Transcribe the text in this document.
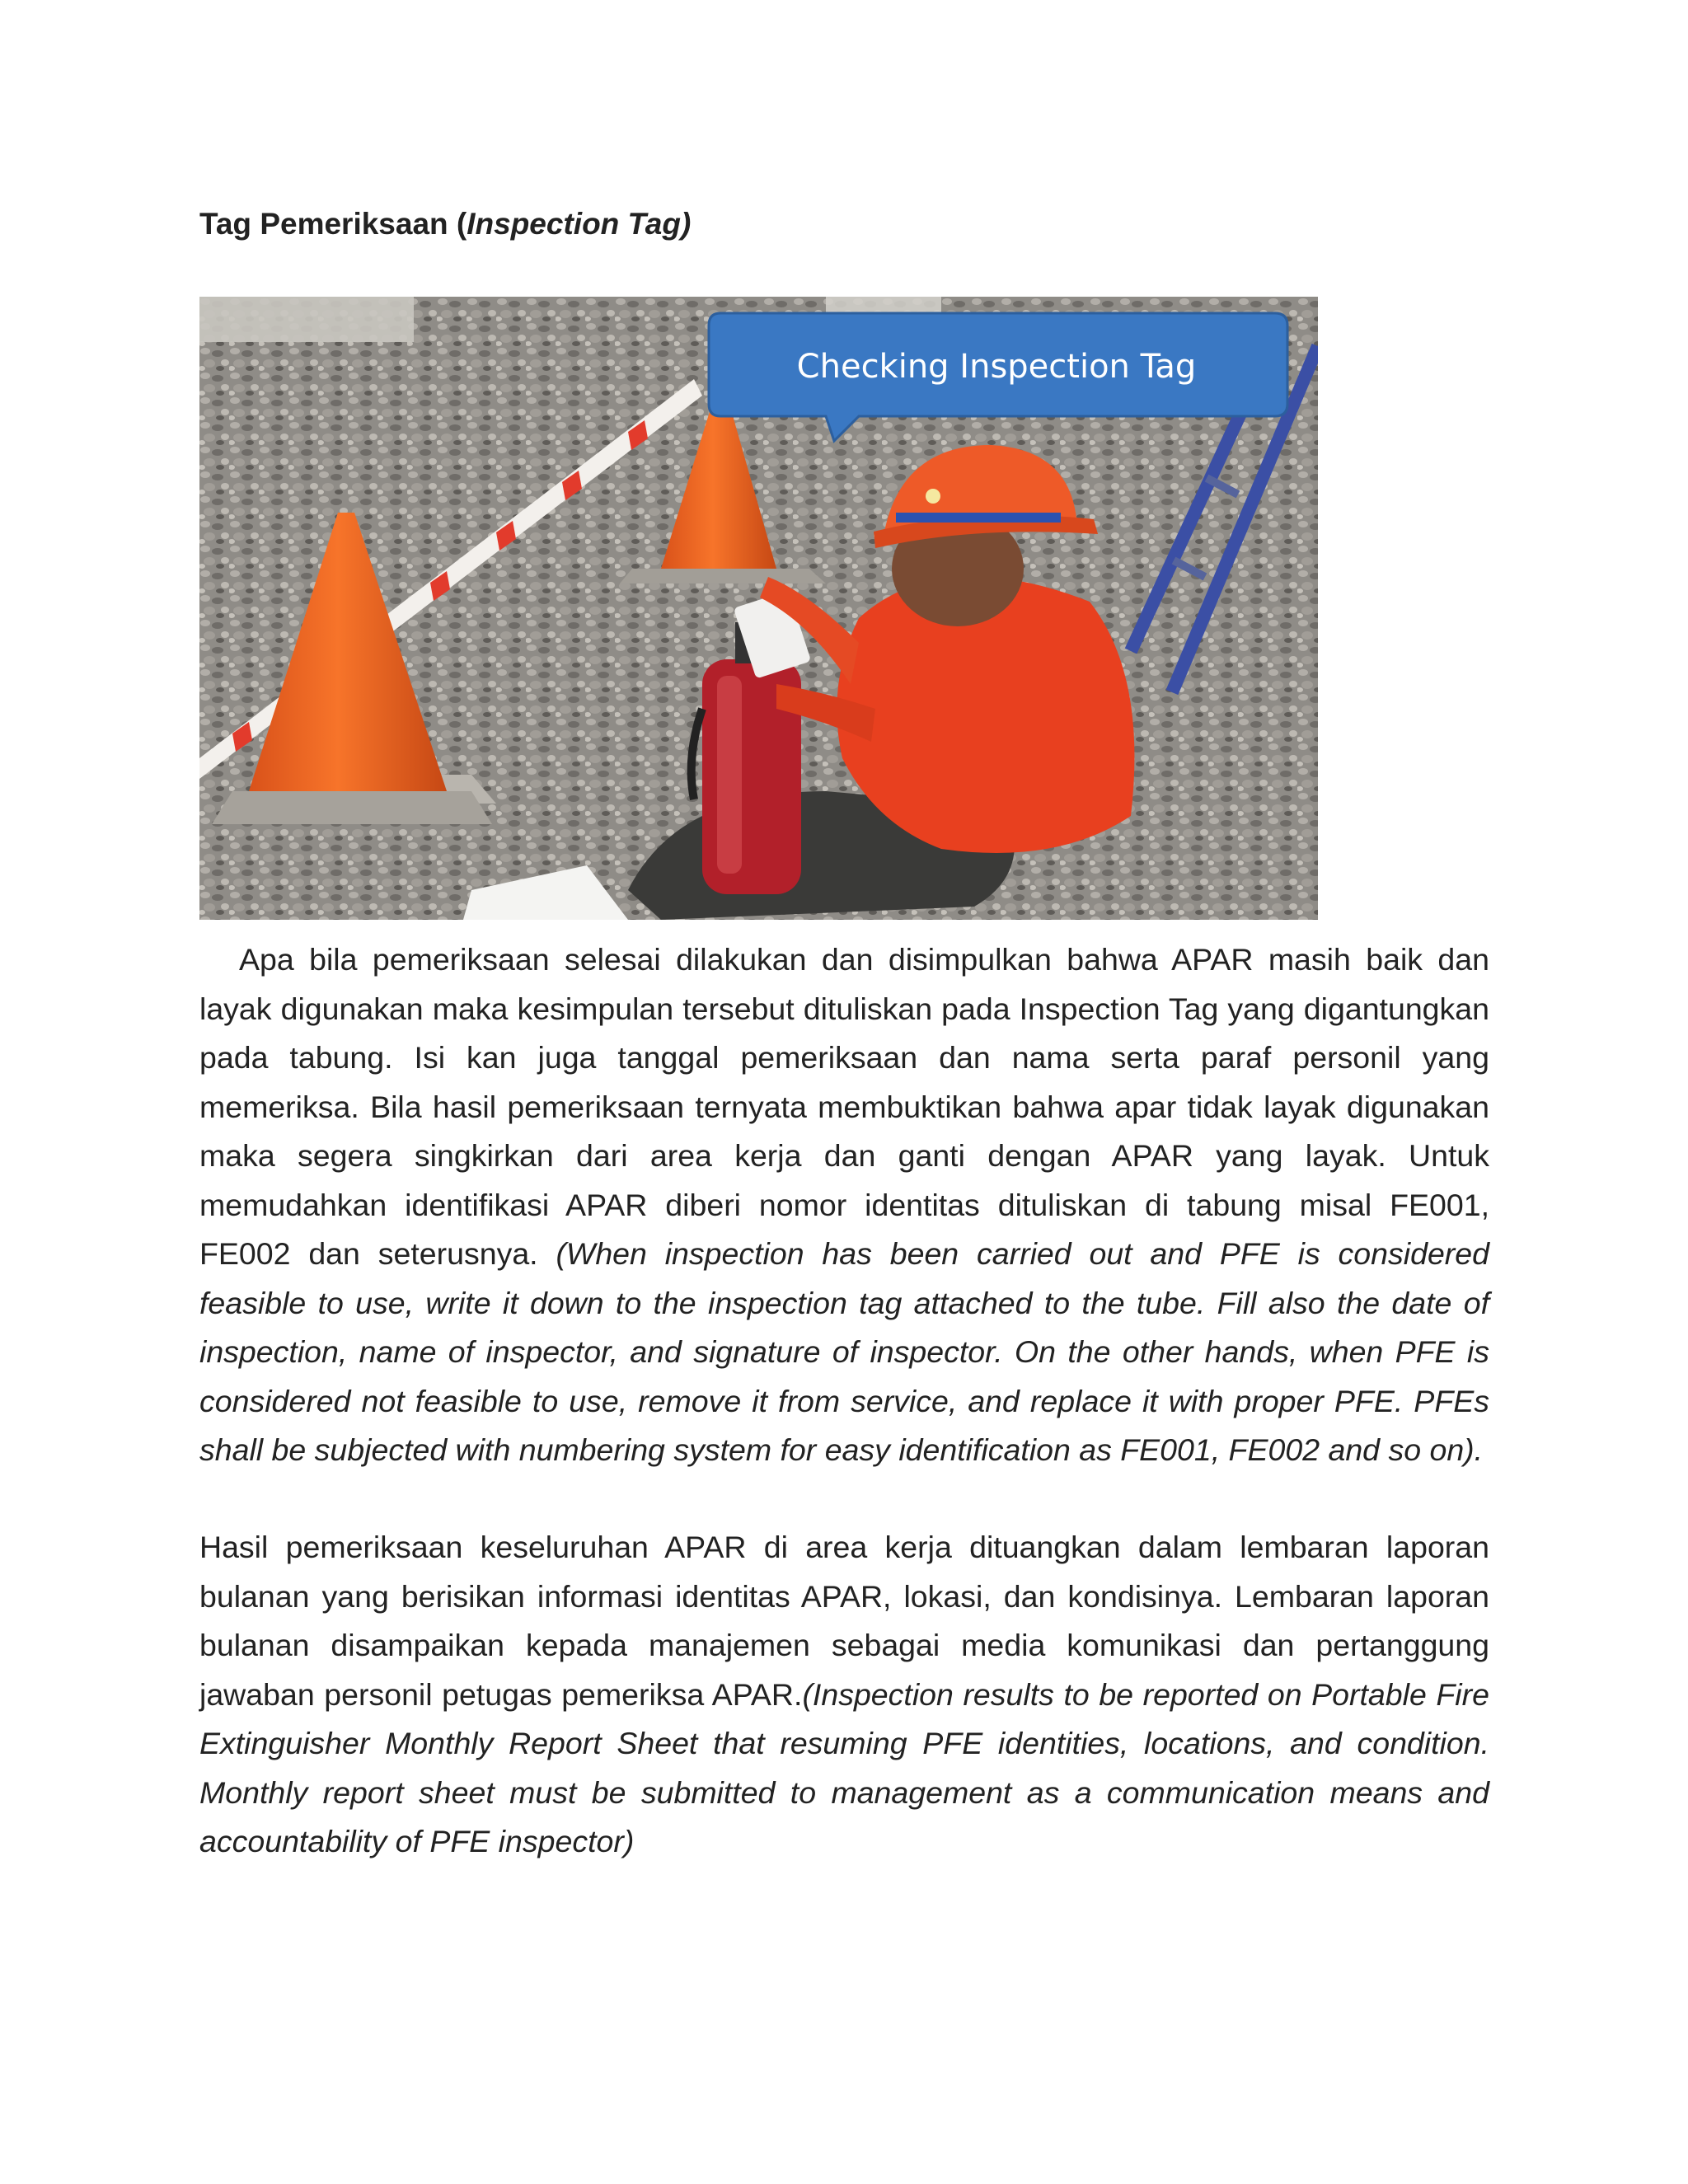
Tag Pemeriksaan (Inspection Tag)
Checking Inspection Tag

Apa bila pemeriksaan selesai dilakukan dan disimpulkan bahwa APAR masih baik dan layak digunakan maka kesimpulan tersebut dituliskan pada Inspection Tag yang digantungkan pada tabung. Isi kan juga tanggal pemeriksaan dan nama serta paraf personil yang memeriksa. Bila hasil pemeriksaan ternyata membuktikan bahwa apar tidak layak digunakan maka segera singkirkan dari area kerja dan ganti dengan APAR yang layak. Untuk memudahkan identifikasi APAR diberi nomor identitas dituliskan di tabung misal FE001, FE002 dan seterusnya. (When inspection has been carried out and PFE is considered feasible to use, write it down to the inspection tag attached to the tube. Fill also the date of inspection, name of inspector, and signature of inspector. On the other hands, when PFE is considered not feasible to use, remove it from service, and replace it with proper PFE. PFEs shall be subjected with numbering system for easy identification as FE001, FE002 and so on).

Hasil pemeriksaan keseluruhan APAR di area kerja dituangkan dalam lembaran laporan bulanan yang berisikan informasi identitas APAR, lokasi, dan kondisinya. Lembaran laporan bulanan disampaikan kepada manajemen sebagai media komunikasi dan pertanggung jawaban personil petugas pemeriksa APAR.(Inspection results to be reported on Portable Fire Extinguisher Monthly Report Sheet that resuming PFE identities, locations, and condition. Monthly report sheet must be submitted to management as a communication means and accountability of PFE inspector)
